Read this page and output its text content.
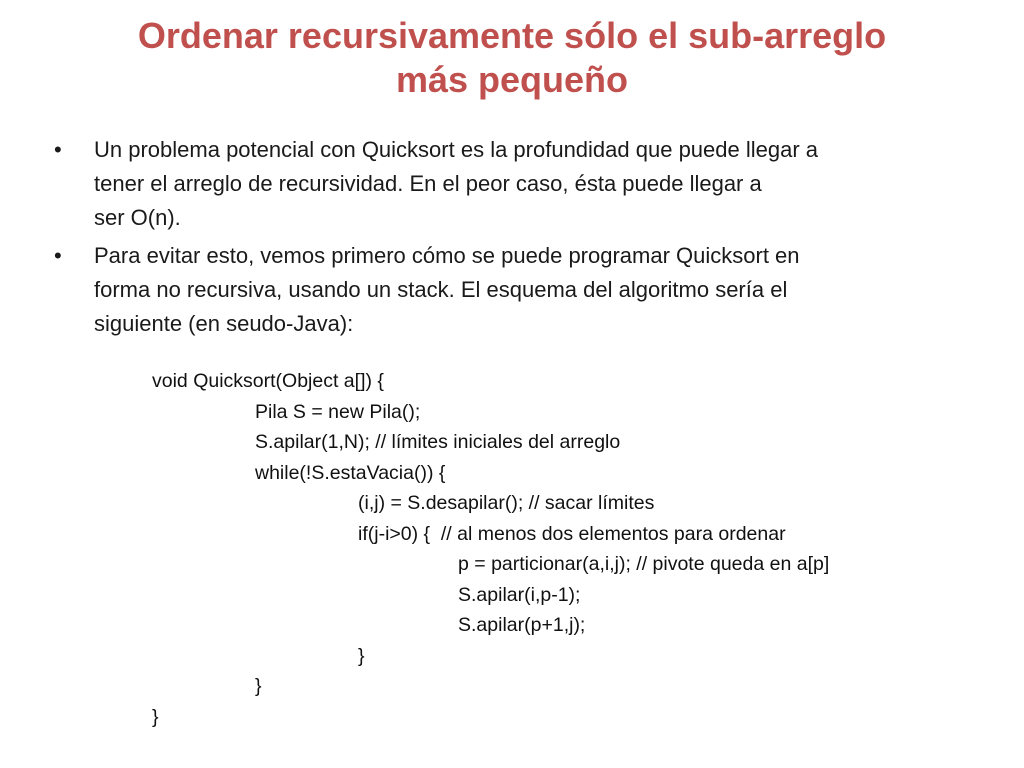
Ordenar recursivamente sólo el sub-arreglo
más pequeño
• Un problema potencial con Quicksort es la profundidad que puede llegar a
tener el arreglo de recursividad. En el peor caso, ésta puede llegar a
ser O(n).
• Para evitar esto, vemos primero cómo se puede programar Quicksort en
forma no recursiva, usando un stack. El esquema del algoritmo sería el
siguiente (en seudo-Java):
void Quicksort(Object a[]) {
Pila S = new Pila();
S.apilar(1,N); // límites iniciales del arreglo
while(!S.estaVacia()) {
(i,j) = S.desapilar(); // sacar límites
if(j-i>0) {  // al menos dos elementos para ordenar
p = particionar(a,i,j); // pivote queda en a[p]
S.apilar(i,p-1);
S.apilar(p+1,j);
}
}
}
